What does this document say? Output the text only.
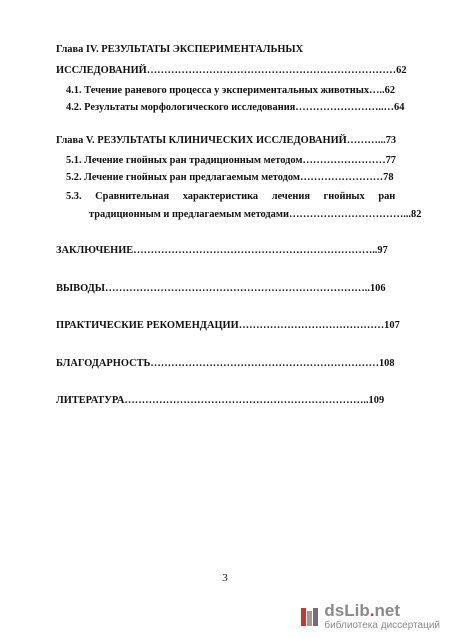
Глава IV. РЕЗУЛЬТАТЫ ЭКСПЕРИМЕНТАЛЬНЫХ
ИССЛЕДОВАНИЙ………………………………………………………………62
4.1. Течение раневого процесса у экспериментальных животных…..62
4.2. Результаты морфологического исследования……………………..…64
Глава V. РЕЗУЛЬТАТЫ КЛИНИЧЕСКИХ ИССЛЕДОВАНИЙ………...73
5.1. Лечение гнойных ран традиционным методом……………………77
5.2. Лечение гнойных ран предлагаемым методом……………………78
5.3. Сравнительная характеристика лечения гнойных ран
традиционным и предлагаемым методами……………………………...82
ЗАКЛЮЧЕНИЕ……………………………………………………………..97
ВЫВОДЫ…………………………………………………………………..106
ПРАКТИЧЕСКИЕ РЕКОМЕНДАЦИИ……………………………………107
БЛАГОДАРНОСТЬ…………………………………………………………108
ЛИТЕРАТУРА……………………………………………………………..109
3
dsLib.net
библиотека диссертаций
